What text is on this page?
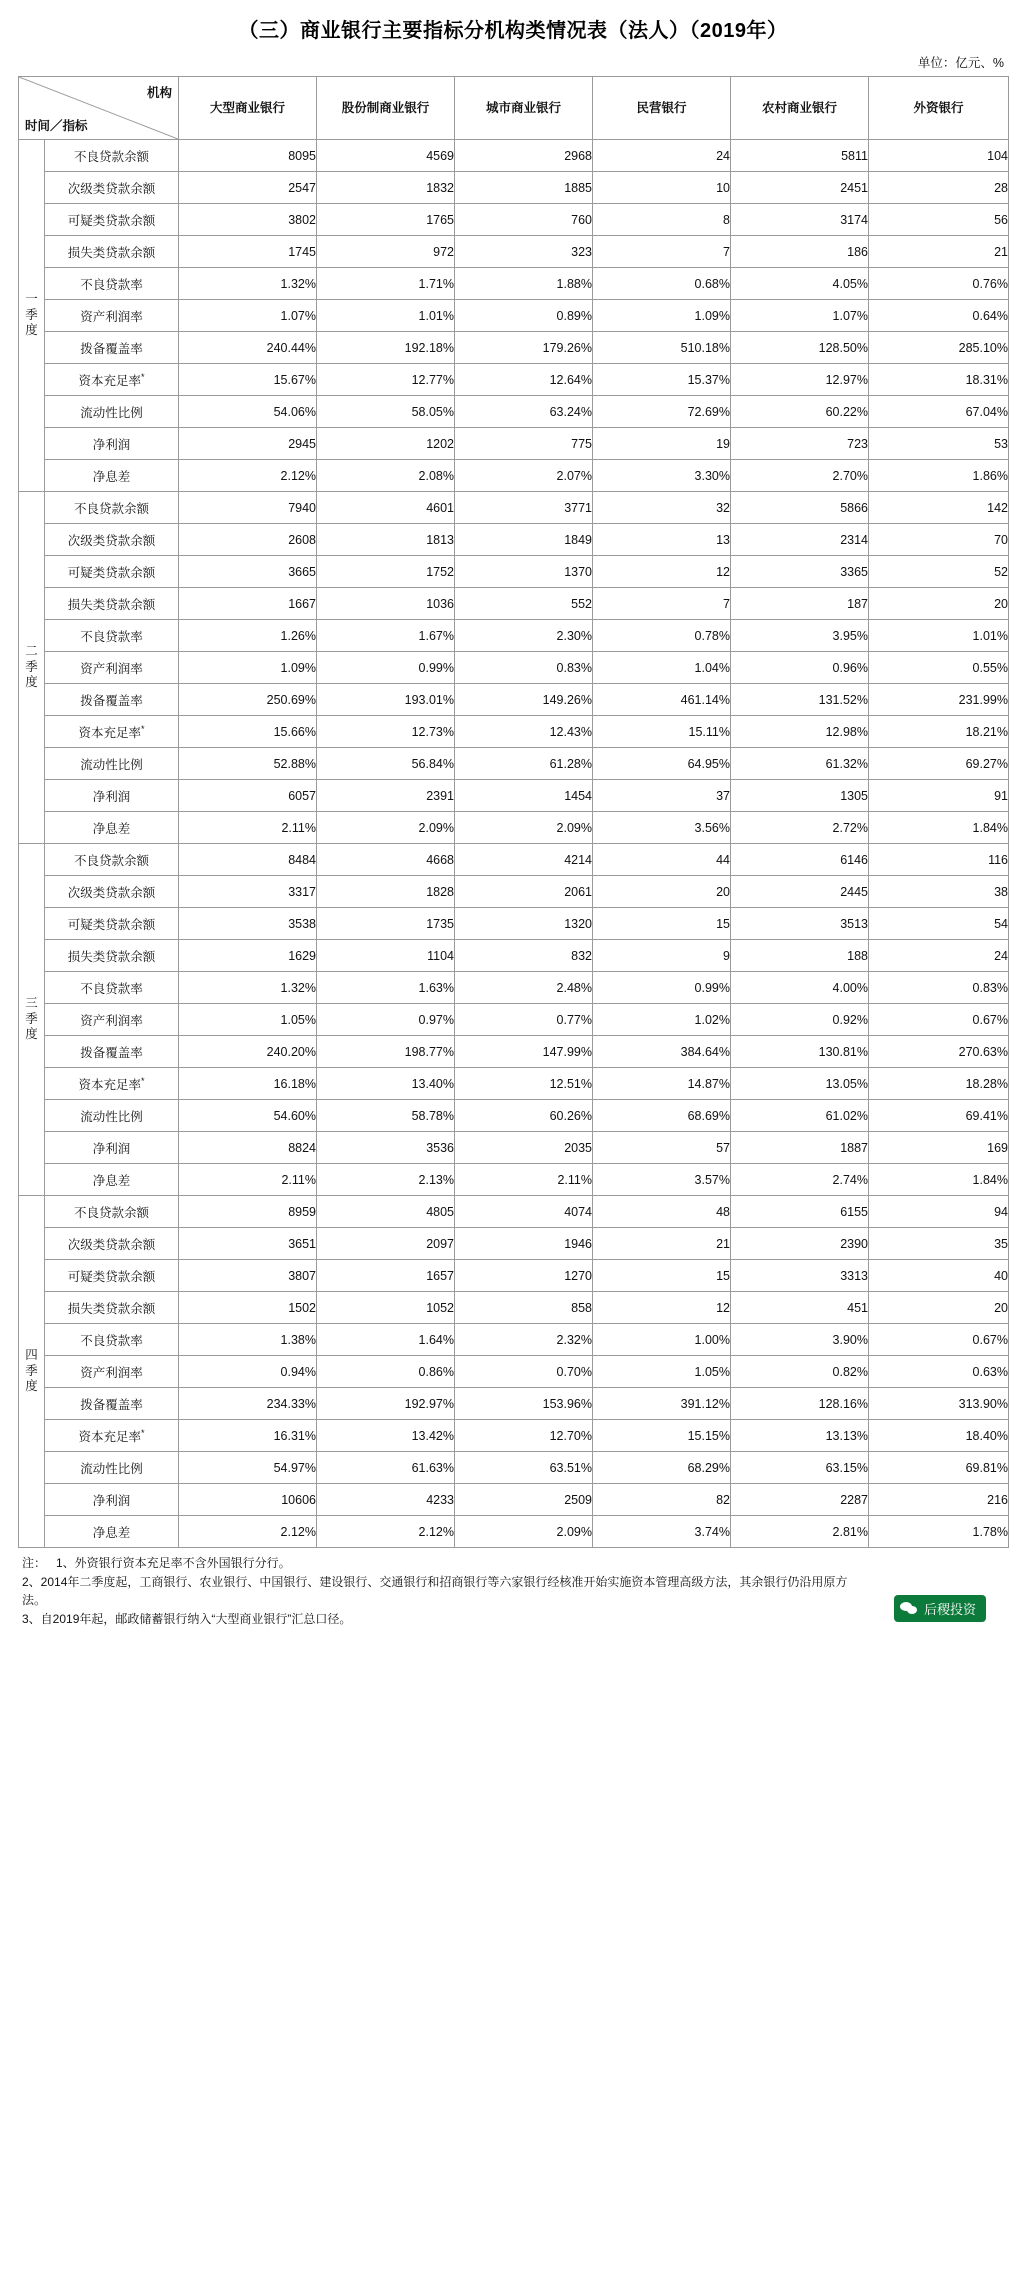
（三）商业银行主要指标分机构类情况表（法人）（2019年）
单位：亿元、%
机构
时间／指标		大型商业银行	股份制商业银行	城市商业银行	民营银行	农村商业银行	外资银行

一
季
度	不良贷款余额	8095	4569	2968	24	5811	104
	次级类贷款余额	2547	1832	1885	10	2451	28
	可疑类贷款余额	3802	1765	760	8	3174	56
	损失类贷款余额	1745	972	323	7	186	21
	不良贷款率	1.32%	1.71%	1.88%	0.68%	4.05%	0.76%
	资产利润率	1.07%	1.01%	0.89%	1.09%	1.07%	0.64%
	拨备覆盖率	240.44%	192.18%	179.26%	510.18%	128.50%	285.10%
	资本充足率*	15.67%	12.77%	12.64%	15.37%	12.97%	18.31%
	流动性比例	54.06%	58.05%	63.24%	72.69%	60.22%	67.04%
	净利润	2945	1202	775	19	723	53
	净息差	2.12%	2.08%	2.07%	3.30%	2.70%	1.86%

二
季
度	不良贷款余额	7940	4601	3771	32	5866	142
	次级类贷款余额	2608	1813	1849	13	2314	70
	可疑类贷款余额	3665	1752	1370	12	3365	52
	损失类贷款余额	1667	1036	552	7	187	20
	不良贷款率	1.26%	1.67%	2.30%	0.78%	3.95%	1.01%
	资产利润率	1.09%	0.99%	0.83%	1.04%	0.96%	0.55%
	拨备覆盖率	250.69%	193.01%	149.26%	461.14%	131.52%	231.99%
	资本充足率*	15.66%	12.73%	12.43%	15.11%	12.98%	18.21%
	流动性比例	52.88%	56.84%	61.28%	64.95%	61.32%	69.27%
	净利润	6057	2391	1454	37	1305	91
	净息差	2.11%	2.09%	2.09%	3.56%	2.72%	1.84%

三
季
度	不良贷款余额	8484	4668	4214	44	6146	116
	次级类贷款余额	3317	1828	2061	20	2445	38
	可疑类贷款余额	3538	1735	1320	15	3513	54
	损失类贷款余额	1629	1104	832	9	188	24
	不良贷款率	1.32%	1.63%	2.48%	0.99%	4.00%	0.83%
	资产利润率	1.05%	0.97%	0.77%	1.02%	0.92%	0.67%
	拨备覆盖率	240.20%	198.77%	147.99%	384.64%	130.81%	270.63%
	资本充足率*	16.18%	13.40%	12.51%	14.87%	13.05%	18.28%
	流动性比例	54.60%	58.78%	60.26%	68.69%	61.02%	69.41%
	净利润	8824	3536	2035	57	1887	169
	净息差	2.11%	2.13%	2.11%	3.57%	2.74%	1.84%

四
季
度	不良贷款余额	8959	4805	4074	48	6155	94
	次级类贷款余额	3651	2097	1946	21	2390	35
	可疑类贷款余额	3807	1657	1270	15	3313	40
	损失类贷款余额	1502	1052	858	12	451	20
	不良贷款率	1.38%	1.64%	2.32%	1.00%	3.90%	0.67%
	资产利润率	0.94%	0.86%	0.70%	1.05%	0.82%	0.63%
	拨备覆盖率	234.33%	192.97%	153.96%	391.12%	128.16%	313.90%
	资本充足率*	16.31%	13.42%	12.70%	15.15%	13.13%	18.40%
	流动性比例	54.97%	61.63%	63.51%	68.29%	63.15%	69.81%
	净利润	10606	4233	2509	82	2287	216
	净息差	2.12%	2.12%	2.09%	3.74%	2.81%	1.78%
注： 1、外资银行资本充足率不含外国银行分行。
2、2014年二季度起，工商银行、农业银行、中国银行、建设银行、交通银行和招商银行等六家银行经核准开始实施资本管理高级方法，其余银行仍沿用原方法。
3、自2019年起，邮政储蓄银行纳入“大型商业银行”汇总口径。
后稷投资
